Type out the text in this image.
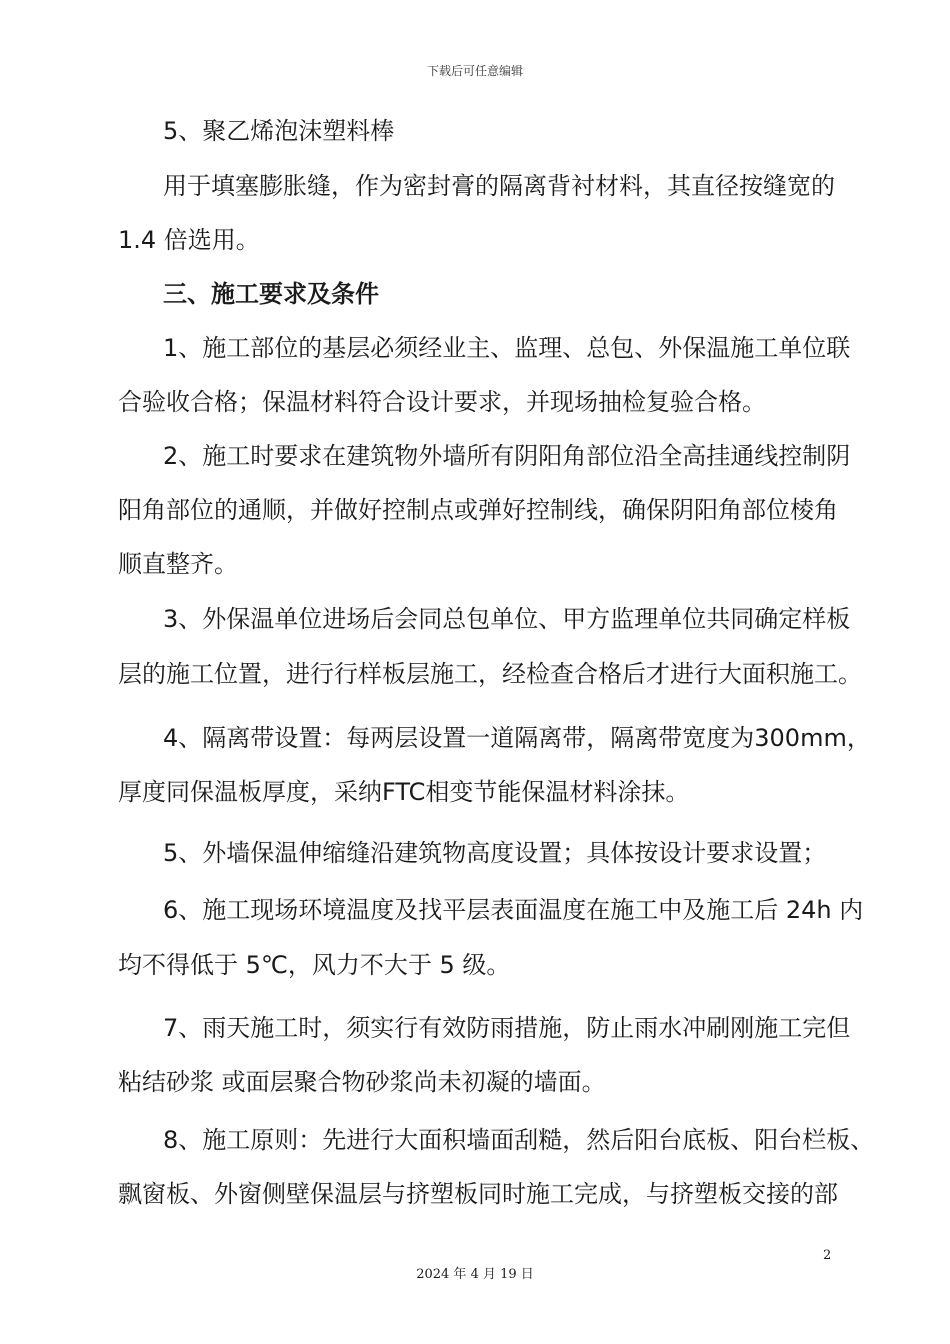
下载后可任意编辑
5、聚乙烯泡沫塑料棒
用于填塞膨胀缝，作为密封膏的隔离背衬材料，其直径按缝宽的
1.4 倍选用。
三、施工要求及条件
1、施工部位的基层必须经业主、监理、总包、外保温施工单位联
合验收合格；保温材料符合设计要求，并现场抽检复验合格。
2、施工时要求在建筑物外墙所有阴阳角部位沿全高挂通线控制阴
阳角部位的通顺，并做好控制点或弹好控制线，确保阴阳角部位棱角
顺直整齐。
3、外保温单位进场后会同总包单位、甲方监理单位共同确定样板
层的施工位置，进行行样板层施工，经检查合格后才进行大面积施工。
4、隔离带设置：每两层设置一道隔离带，隔离带宽度为300mm，
厚度同保温板厚度，采纳FTC相变节能保温材料涂抹。
5、外墙保温伸缩缝沿建筑物高度设置；具体按设计要求设置；
6、施工现场环境温度及找平层表面温度在施工中及施工后 24h 内
均不得低于 5℃，风力不大于 5 级。
7、雨天施工时，须实行有效防雨措施，防止雨水冲刷刚施工完但
粘结砂浆 或面层聚合物砂浆尚未初凝的墙面。
8、施工原则：先进行大面积墙面刮糙，然后阳台底板、阳台栏板、
飘窗板、外窗侧壁保温层与挤塑板同时施工完成，与挤塑板交接的部
2
2024 年 4 月 19 日
